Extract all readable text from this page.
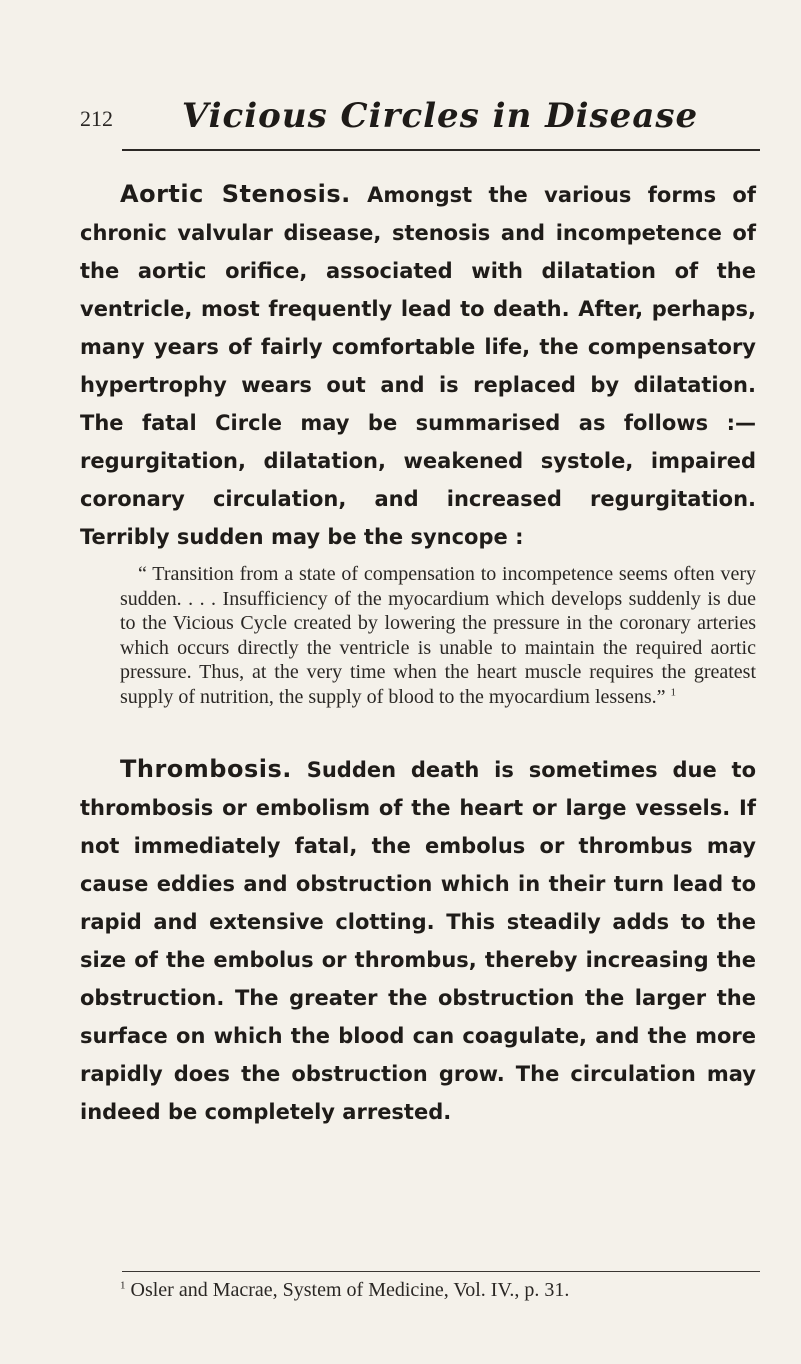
212	Vicious Circles in Disease

Aortic Stenosis. Amongst the various forms of chronic valvular disease, stenosis and incompetence of the aortic orifice, associated with dilatation of the ventricle, most frequently lead to death. After, perhaps, many years of fairly comfortable life, the compensatory hypertrophy wears out and is replaced by dilatation. The fatal Circle may be summarised as follows :—regurgitation, dilatation, weakened systole, impaired coronary circulation, and increased regurgitation. Terribly sudden may be the syncope :

“ Transition from a state of compensation to incompetence seems often very sudden. . . . Insufficiency of the myocardium which develops suddenly is due to the Vicious Cycle created by lowering the pressure in the coronary arteries which occurs directly the ventricle is unable to maintain the required aortic pressure. Thus, at the very time when the heart muscle requires the greatest supply of nutrition, the supply of blood to the myocardium lessens.” $^1$

Thrombosis. Sudden death is sometimes due to thrombosis or embolism of the heart or large vessels. If not immediately fatal, the embolus or thrombus may cause eddies and obstruction which in their turn lead to rapid and extensive clotting. This steadily adds to the size of the embolus or thrombus, thereby increasing the obstruction. The greater the obstruction the larger the surface on which the blood can coagulate, and the more rapidly does the obstruction grow. The circulation may indeed be completely arrested.

$^1$ Osler and Macrae, System of Medicine, Vol. IV., p. 31.
